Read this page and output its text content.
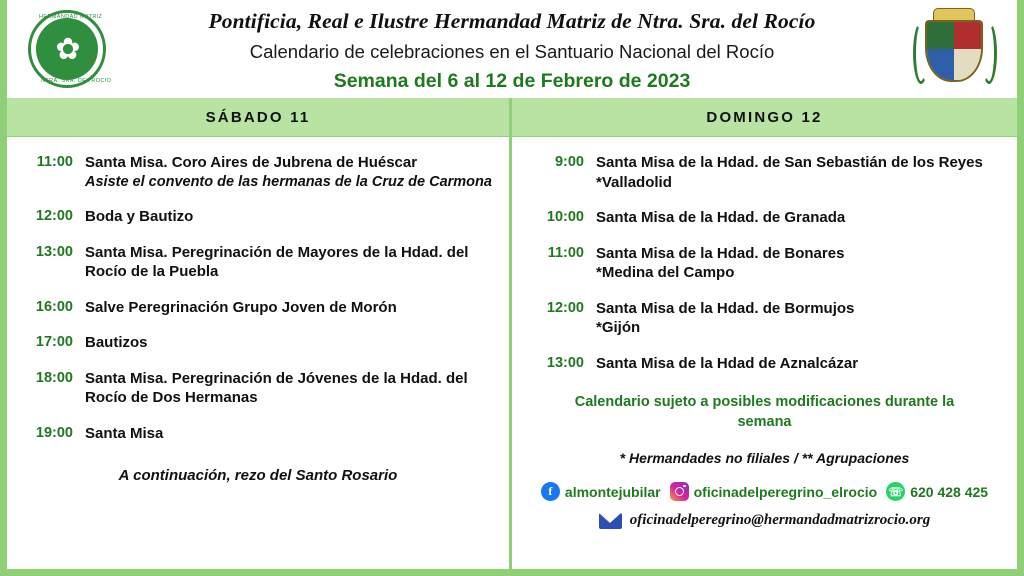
✿
HERMANDAD MATRIZ
NTRA. SRA. DEL ROCÍO
Pontificia, Real e Ilustre Hermandad Matriz de Ntra. Sra. del Rocío
Calendario de celebraciones en el Santuario Nacional del Rocío
Semana del 6 al 12 de Febrero de 2023
SÁBADO 11
11:00 Santa Misa. Coro Aires de Jubrena de Huéscar
Asiste el convento de las hermanas de la Cruz de Carmona
12:00 Boda y Bautizo
13:00 Santa Misa. Peregrinación de Mayores de la Hdad. del Rocío de la Puebla
16:00 Salve Peregrinación Grupo Joven de Morón
17:00 Bautizos
18:00 Santa Misa. Peregrinación de Jóvenes de la Hdad. del Rocío de Dos Hermanas
19:00 Santa Misa
A continuación, rezo del Santo Rosario
DOMINGO 12
9:00 Santa Misa de la Hdad. de San Sebastián de los Reyes
*Valladolid
10:00 Santa Misa de la Hdad. de Granada
11:00 Santa Misa de la Hdad. de Bonares
*Medina del Campo
12:00 Santa Misa de la Hdad. de Bormujos
*Gijón
13:00 Santa Misa de la Hdad de Aznalcázar
Calendario sujeto a posibles modificaciones durante la semana
* Hermandades no filiales / ** Agrupaciones
f almontejubilar oficinadelperegrino_elrocio ☏ 620 428 425
oficinadelperegrino@hermandadmatrizrocio.org
